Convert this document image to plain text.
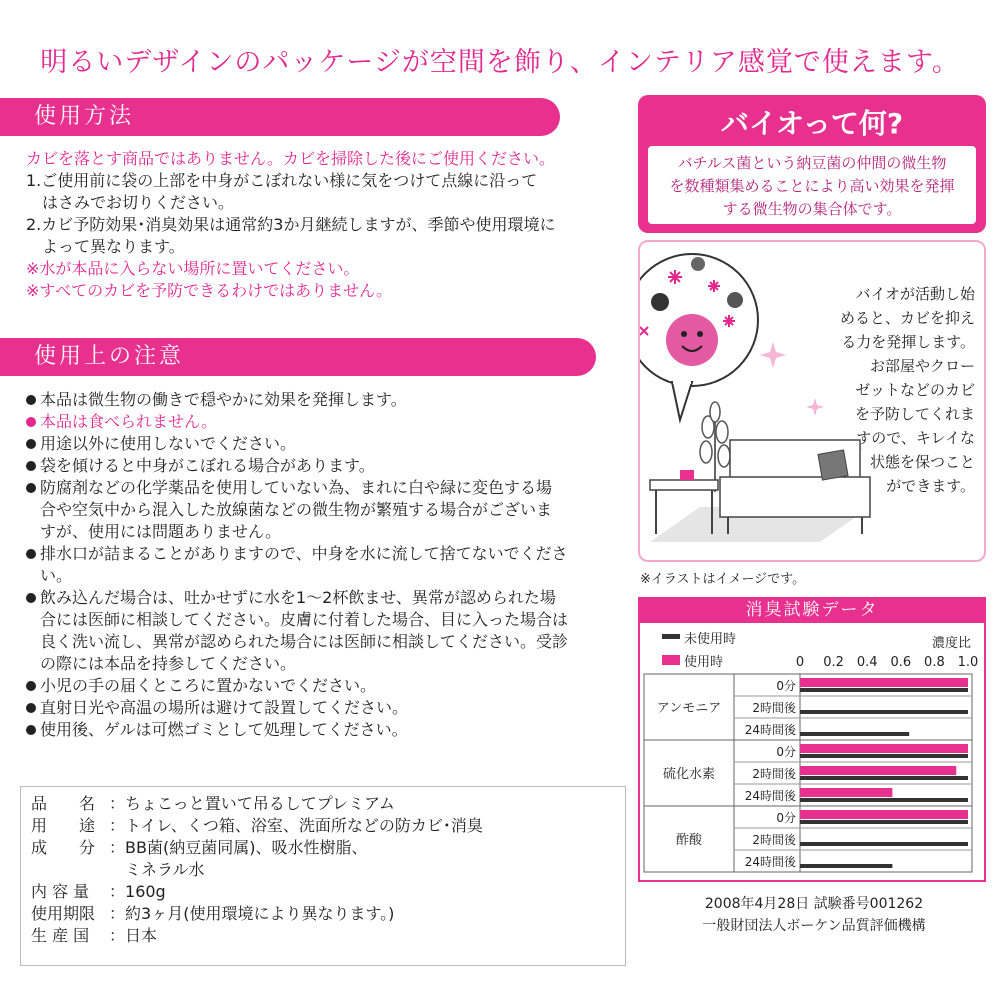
明るいデザインのパッケージが空間を飾り、インテリア感覚で使えます。
使用方法
カビを落とす商品ではありません。カビを掃除した後にご使用ください。
1.ご使用前に袋の上部を中身がこぼれない様に気をつけて点線に沿って
　はさみでお切りください。
2.カビ予防効果･消臭効果は通常約3か月継続しますが、季節や使用環境に
　よって異なります。
※水が本品に入らない場所に置いてください。
※すべてのカビを予防できるわけではありません。
使用上の注意
本品は微生物の働きで穏やかに効果を発揮します。
本品は食べられません。
用途以外に使用しないでください。
袋を傾けると中身がこぼれる場合があります。
防腐剤などの化学薬品を使用していない為、まれに白や緑に変色する場
合や空気中から混入した放線菌などの微生物が繁殖する場合がございま
すが、使用には問題ありません。
排水口が詰まることがありますので、中身を水に流して捨てないでくださ
い。
飲み込んだ場合は、吐かせずに水を1～2杯飲ませ、異常が認められた場
合には医師に相談してください。皮膚に付着した場合、目に入った場合は
良く洗い流し、異常が認められた場合には医師に相談してください。受診
の際には本品を持参してください。
小児の手の届くところに置かないでください。
直射日光や高温の場所は避けて設置してください。
使用後、ゲルは可燃ゴミとして処理してください。
品　　名 ：ちょこっと置いて吊るしてプレミアム
用　　途 ：トイレ、くつ箱、浴室、洗面所などの防カビ･消臭
成　　分 ：BB菌(納豆菌同属)、吸水性樹脂、
　ミネラル水
内 容 量 ：160g
使用期限 ：約3ヶ月(使用環境により異なります。)
生 産 国 ：日本
バイオって何?
バチルス菌という納豆菌の仲間の微生物
を数種類集めることにより高い効果を発揮
する微生物の集合体です。
バイオが活動し始
めると、カビを抑え
る力を発揮します。
お部屋やクロー
ゼットなどのカビ
を予防してくれま
すので、キレイな
状態を保つこと
ができます。
※イラストはイメージです。
消臭試験データ
未使用時
使用時
濃度比
0 0.2 0.4 0.6 0.8 1.0
アンモニア
0分
2時間後
24時間後
硫化水素
0分
2時間後
24時間後
酢酸
0分
2時間後
24時間後
2008年4月28日 試験番号001262
一般財団法人ボーケン品質評価機構
